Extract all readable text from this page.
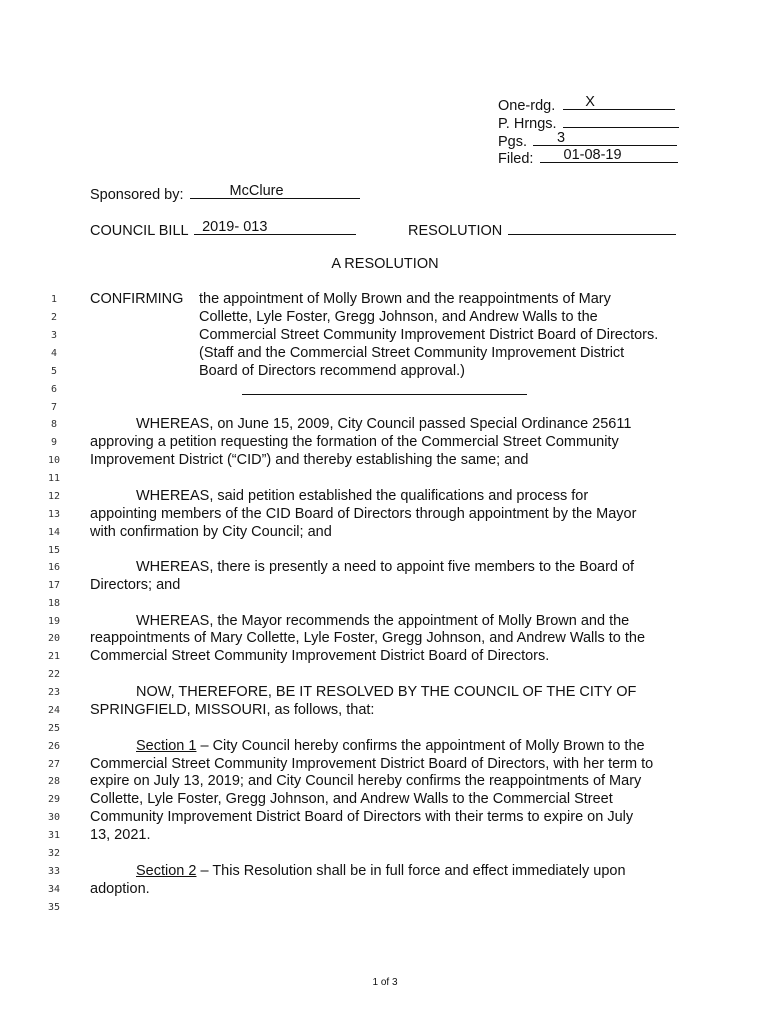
One-rdg. X
P. Hrngs.
Pgs. 3
Filed: 01-08-19
Sponsored by:	McClure
COUNCIL BILL 2019- 013	RESOLUTION
A RESOLUTION
1
2
3
4
5
6
7
8
9
10
11
12
13
14
15
16
17
18
19
20
21
22
23
24
25
26
27
28
29
30
31
32
33
34
35
CONFIRMING the appointment of Molly Brown and the reappointments of Mary
Collette, Lyle Foster, Gregg Johnson, and Andrew Walls to the
Commercial Street Community Improvement District Board of Directors.
(Staff and the Commercial Street Community Improvement District
Board of Directors recommend approval.)
WHEREAS, on June 15, 2009, City Council passed Special Ordinance 25611
approving a petition requesting the formation of the Commercial Street Community
Improvement District (“CID”) and thereby establishing the same; and
WHEREAS, said petition established the qualifications and process for
appointing members of the CID Board of Directors through appointment by the Mayor
with confirmation by City Council; and
WHEREAS, there is presently a need to appoint five members to the Board of
Directors; and
WHEREAS, the Mayor recommends the appointment of Molly Brown and the
reappointments of Mary Collette, Lyle Foster, Gregg Johnson, and Andrew Walls to the
Commercial Street Community Improvement District Board of Directors.
NOW, THEREFORE, BE IT RESOLVED BY THE COUNCIL OF THE CITY OF
SPRINGFIELD, MISSOURI, as follows, that:
Section 1 – City Council hereby confirms the appointment of Molly Brown to the
Commercial Street Community Improvement District Board of Directors, with her term to
expire on July 13, 2019; and City Council hereby confirms the reappointments of Mary
Collette, Lyle Foster, Gregg Johnson, and Andrew Walls to the Commercial Street
Community Improvement District Board of Directors with their terms to expire on July
13, 2021.
Section 2 – This Resolution shall be in full force and effect immediately upon
adoption.
1 of 3
